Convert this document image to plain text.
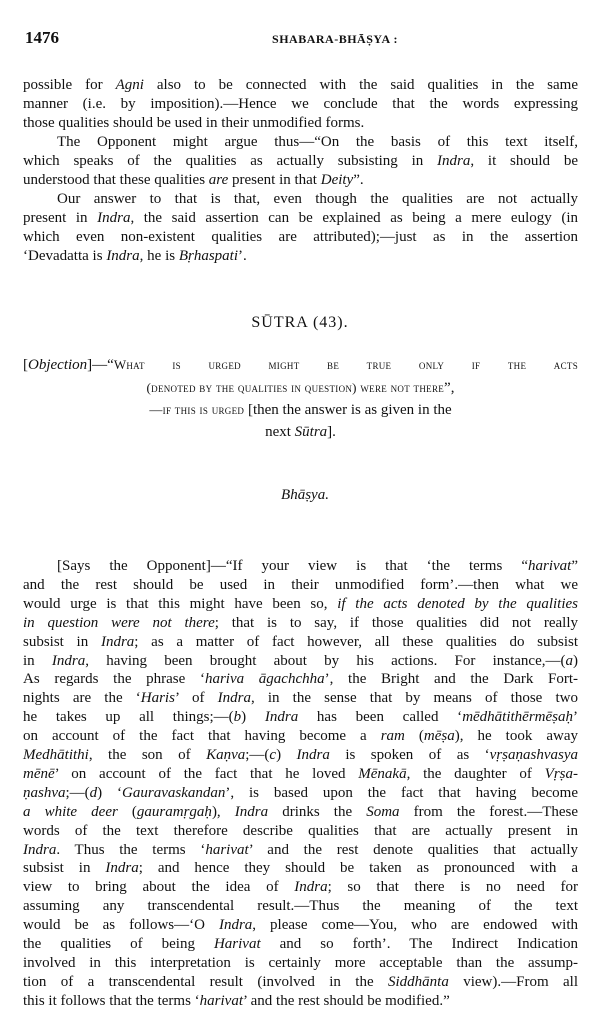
1476	SHABARA-BHĀṢYA :
possible for Agni also to be connected with the said qualities in the same
manner (i.e. by imposition).—Hence we conclude that the words expressing
those qualities should be used in their unmodified forms.
The Opponent might argue thus—“On the basis of this text itself,
which speaks of the qualities as actually subsisting in Indra, it should be
understood that these qualities are present in that Deity”.
Our answer to that is that, even though the qualities are not actually
present in Indra, the said assertion can be explained as being a mere eulogy (in
which even non-existent qualities are attributed);—just as in the assertion
‘Devadatta is Indra, he is Bṛhaspati’.
SŪTRA (43).
[Objection]—“What is urged might be true only if the acts
(denoted by the qualities in question) were not there”,
—if this is urged [then the answer is as given in the
next Sūtra].
Bhāṣya.
[Says the Opponent]—“If your view is that ‘the terms “harivat”
and the rest should be used in their unmodified form’.—then what we
would urge is that this might have been so, if the acts denoted by the qualities
in question were not there; that is to say, if those qualities did not really
subsist in Indra; as a matter of fact however, all these qualities do subsist
in Indra, having been brought about by his actions. For instance,—(a)
As regards the phrase ‘hariva āgachchha’, the Bright and the Dark Fort-
nights are the ‘Haris’ of Indra, in the sense that by means of those two
he takes up all things;—(b) Indra has been called ‘mēdhātithērmēṣaḥ’
on account of the fact that having become a ram (mēṣa), he took away
Medhātithi, the son of Kaṇva;—(c) Indra is spoken of as ‘vṛṣaṇashvasya
mēnē’ on account of the fact that he loved Mēnakā, the daughter of Vṛṣa-
ṇashva;—(d) ‘Gauravaskandan’, is based upon the fact that having become
a white deer (gauramṛgaḥ), Indra drinks the Soma from the forest.—These
words of the text therefore describe qualities that are actually present in
Indra. Thus the terms ‘harivat’ and the rest denote qualities that actually
subsist in Indra; and hence they should be taken as pronounced with a
view to bring about the idea of Indra; so that there is no need for
assuming any transcendental result.—Thus the meaning of the text
would be as follows—‘O Indra, please come—You, who are endowed with
the qualities of being Harivat and so forth’. The Indirect Indication
involved in this interpretation is certainly more acceptable than the assump-
tion of a transcendental result (involved in the Siddhānta view).—From all
this it follows that the terms ‘harivat’ and the rest should be modified.”
